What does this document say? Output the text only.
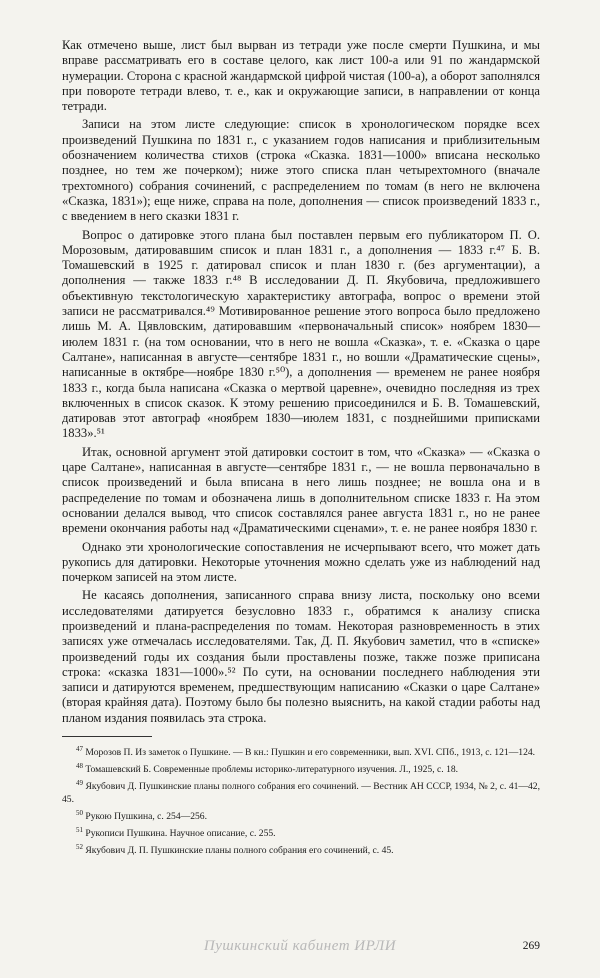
Как отмечено выше, лист был вырван из тетради уже после смерти Пушкина, и мы вправе рассматривать его в составе целого, как лист 100-а или 91 по жандармской нумерации. Сторона с красной жандармской цифрой чистая (100-а), а оборот заполнялся при повороте тетради влево, т. е., как и окружающие записи, в направлении от конца тетради.

Записи на этом листе следующие: список в хронологическом порядке всех произведений Пушкина по 1831 г., с указанием годов написания и приблизительным обозначением количества стихов (строка «Сказка. 1831—1000» вписана несколько позднее, но тем же почерком); ниже этого списка план четырехтомного (вначале трехтомного) собрания сочинений, с распределением по томам (в него не включена «Сказка, 1831»); еще ниже, справа на поле, дополнения — список произведений 1833 г., с введением в него сказки 1831 г.

Вопрос о датировке этого плана был поставлен первым его публикатором П. О. Морозовым, датировавшим список и план 1831 г., а дополнения — 1833 г.⁴⁷ Б. В. Томашевский в 1925 г. датировал список и план 1830 г. (без аргументации), а дополнения — также 1833 г.⁴⁸ В исследовании Д. П. Якубовича, предложившего объективную текстологическую характеристику автографа, вопрос о времени этой записи не рассматривался.⁴⁹ Мотивированное решение этого вопроса было предложено лишь М. А. Цявловским, датировавшим «первоначальный список» ноябрем 1830—июлем 1831 г. (на том основании, что в него не вошла «Сказка», т. е. «Сказка о царе Салтане», написанная в августе—сентябре 1831 г., но вошли «Драматические сцены», написанные в октябре—ноябре 1830 г.⁵⁰), а дополнения — временем не ранее ноября 1833 г., когда была написана «Сказка о мертвой царевне», очевидно последняя из трех включенных в список сказок. К этому решению присоединился и Б. В. Томашевский, датировав этот автограф «ноябрем 1830—июлем 1831, с позднейшими приписками 1833».⁵¹

Итак, основной аргумент этой датировки состоит в том, что «Сказка» — «Сказка о царе Салтане», написанная в августе—сентябре 1831 г., — не вошла первоначально в список произведений и была вписана в него лишь позднее; не вошла она и в распределение по томам и обозначена лишь в дополнительном списке 1833 г. На этом основании делался вывод, что список составлялся ранее августа 1831 г., но не ранее времени окончания работы над «Драматическими сценами», т. е. не ранее ноября 1830 г.

Однако эти хронологические сопоставления не исчерпывают всего, что может дать рукопись для датировки. Некоторые уточнения можно сделать уже из наблюдений над почерком записей на этом листе.

Не касаясь дополнения, записанного справа внизу листа, поскольку оно всеми исследователями датируется безусловно 1833 г., обратимся к анализу списка произведений и плана-распределения по томам. Некоторая разновременность в этих записях уже отмечалась исследователями. Так, Д. П. Якубович заметил, что в «списке» произведений годы их создания были проставлены позже, также позже приписана строка: «сказка 1831—1000».⁵² По сути, на основании последнего наблюдения эти записи и датируются временем, предшествующим написанию «Сказки о царе Салтане» (вторая крайняя дата). Поэтому было бы полезно выяснить, на какой стадии работы над планом издания появилась эта строка.

$^{47}$ Морозов П. Из заметок о Пушкине. — В кн.: Пушкин и его современники, вып. XVI. СПб., 1913, с. 121—124.

$^{48}$ Томашевский Б. Современные проблемы историко-литературного изучения. Л., 1925, с. 18.

$^{49}$ Якубович Д. Пушкинские планы полного собрания его сочинений. — Вестник АН СССР, 1934, № 2, с. 41—42, 45.

$^{50}$ Рукою Пушкина, с. 254—256.

$^{51}$ Рукописи Пушкина. Научное описание, с. 255.

$^{52}$ Якубович Д. П. Пушкинские планы полного собрания его сочинений, с. 45.

Пушкинский кабинет ИРЛИ	269
